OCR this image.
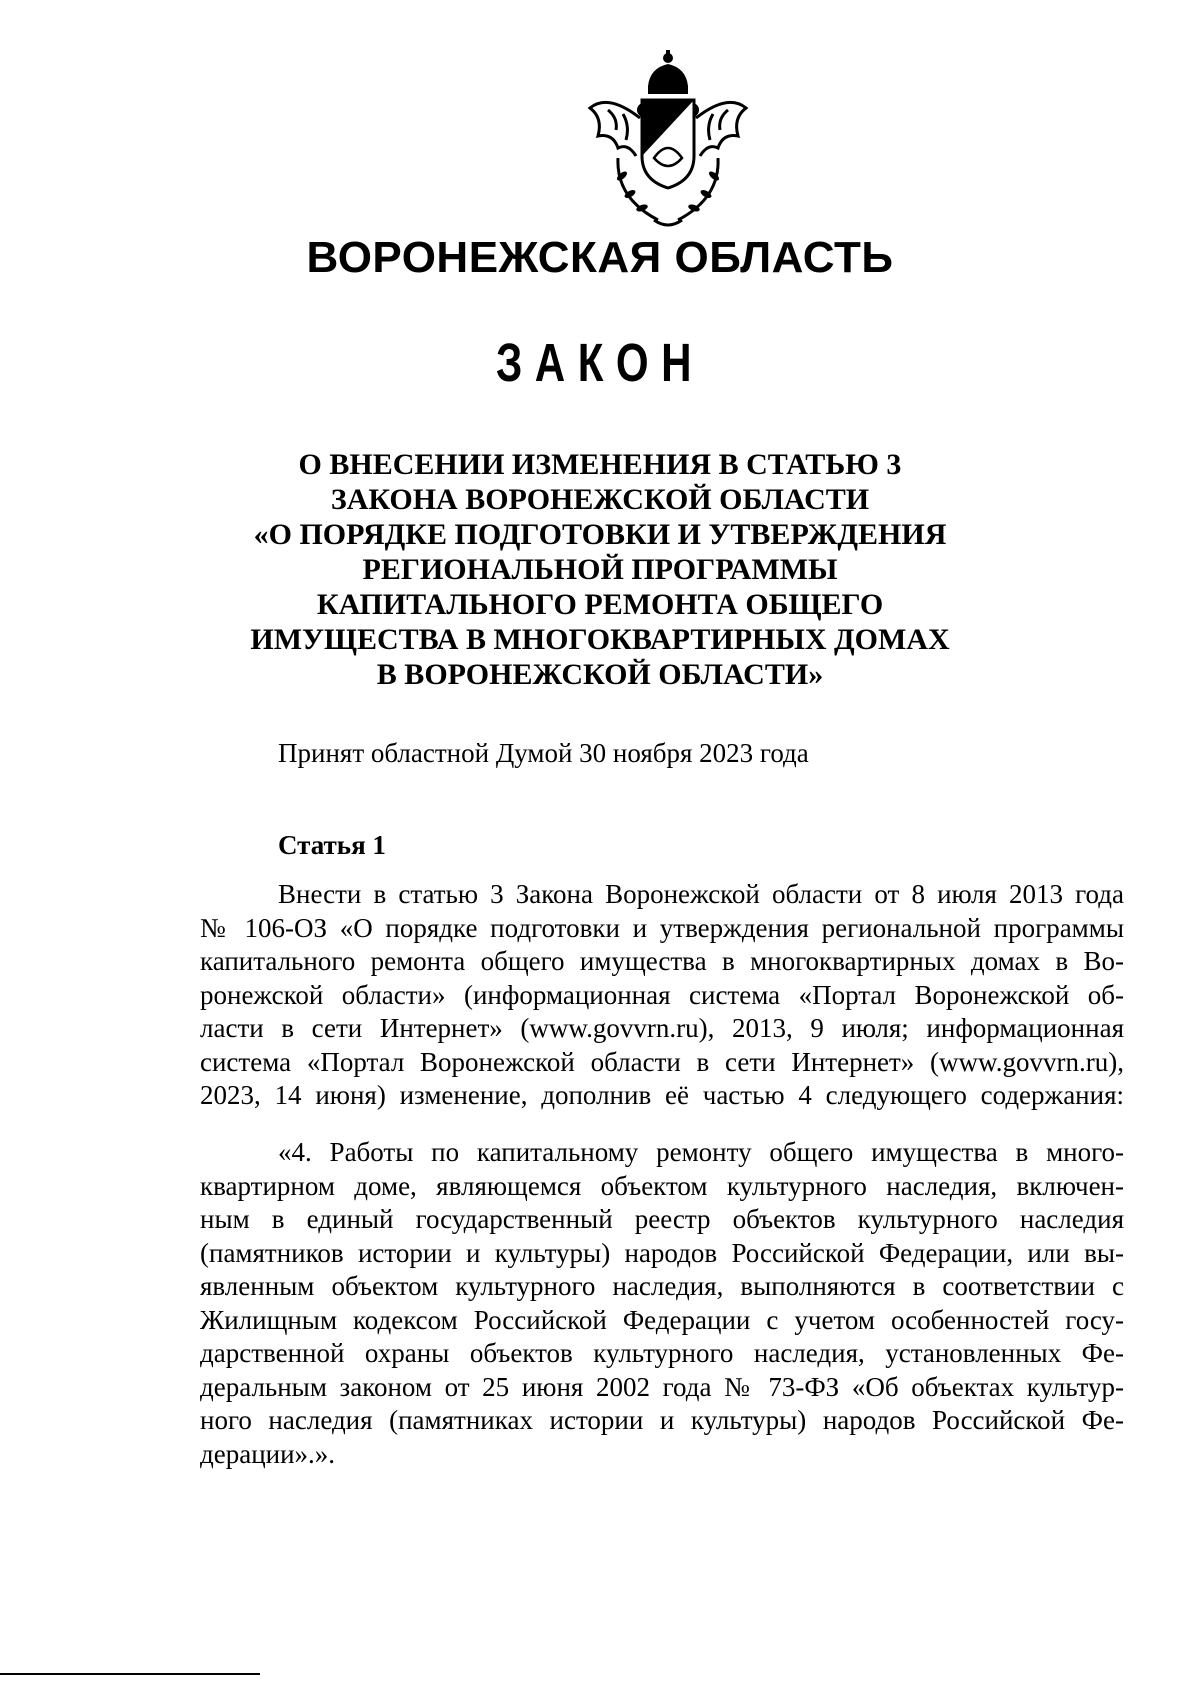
ВОРОНЕЖСКАЯ ОБЛАСТЬ
ЗАКОН
О ВНЕСЕНИИ ИЗМЕНЕНИЯ В СТАТЬЮ 3
ЗАКОНА ВОРОНЕЖСКОЙ ОБЛАСТИ
«О ПОРЯДКЕ ПОДГОТОВКИ И УТВЕРЖДЕНИЯ
РЕГИОНАЛЬНОЙ ПРОГРАММЫ
КАПИТАЛЬНОГО РЕМОНТА ОБЩЕГО
ИМУЩЕСТВА В МНОГОКВАРТИРНЫХ ДОМАХ
В ВОРОНЕЖСКОЙ ОБЛАСТИ»
Принят областной Думой 30 ноября 2023 года
Статья 1
Внести в статью 3 Закона Воронежской области от 8 июля 2013 года
№ 106-ОЗ «О порядке подготовки и утверждения региональной программы
капитального ремонта общего имущества в многоквартирных домах в Во-
ронежской области» (информационная система «Портал Воронежской об-
ласти в сети Интернет» (www.govvrn.ru), 2013, 9 июля; информационная
система «Портал Воронежской области в сети Интернет» (www.govvrn.ru),
2023, 14 июня) изменение, дополнив её частью 4 следующего содержания:
«4. Работы по капитальному ремонту общего имущества в много-
квартирном доме, являющемся объектом культурного наследия, включен-
ным в единый государственный реестр объектов культурного наследия
(памятников истории и культуры) народов Российской Федерации, или вы-
явленным объектом культурного наследия, выполняются в соответствии с
Жилищным кодексом Российской Федерации с учетом особенностей госу-
дарственной охраны объектов культурного наследия, установленных Фе-
деральным законом от 25 июня 2002 года № 73-ФЗ «Об объектах культур-
ного наследия (памятниках истории и культуры) народов Российской Фе-
дерации».».
